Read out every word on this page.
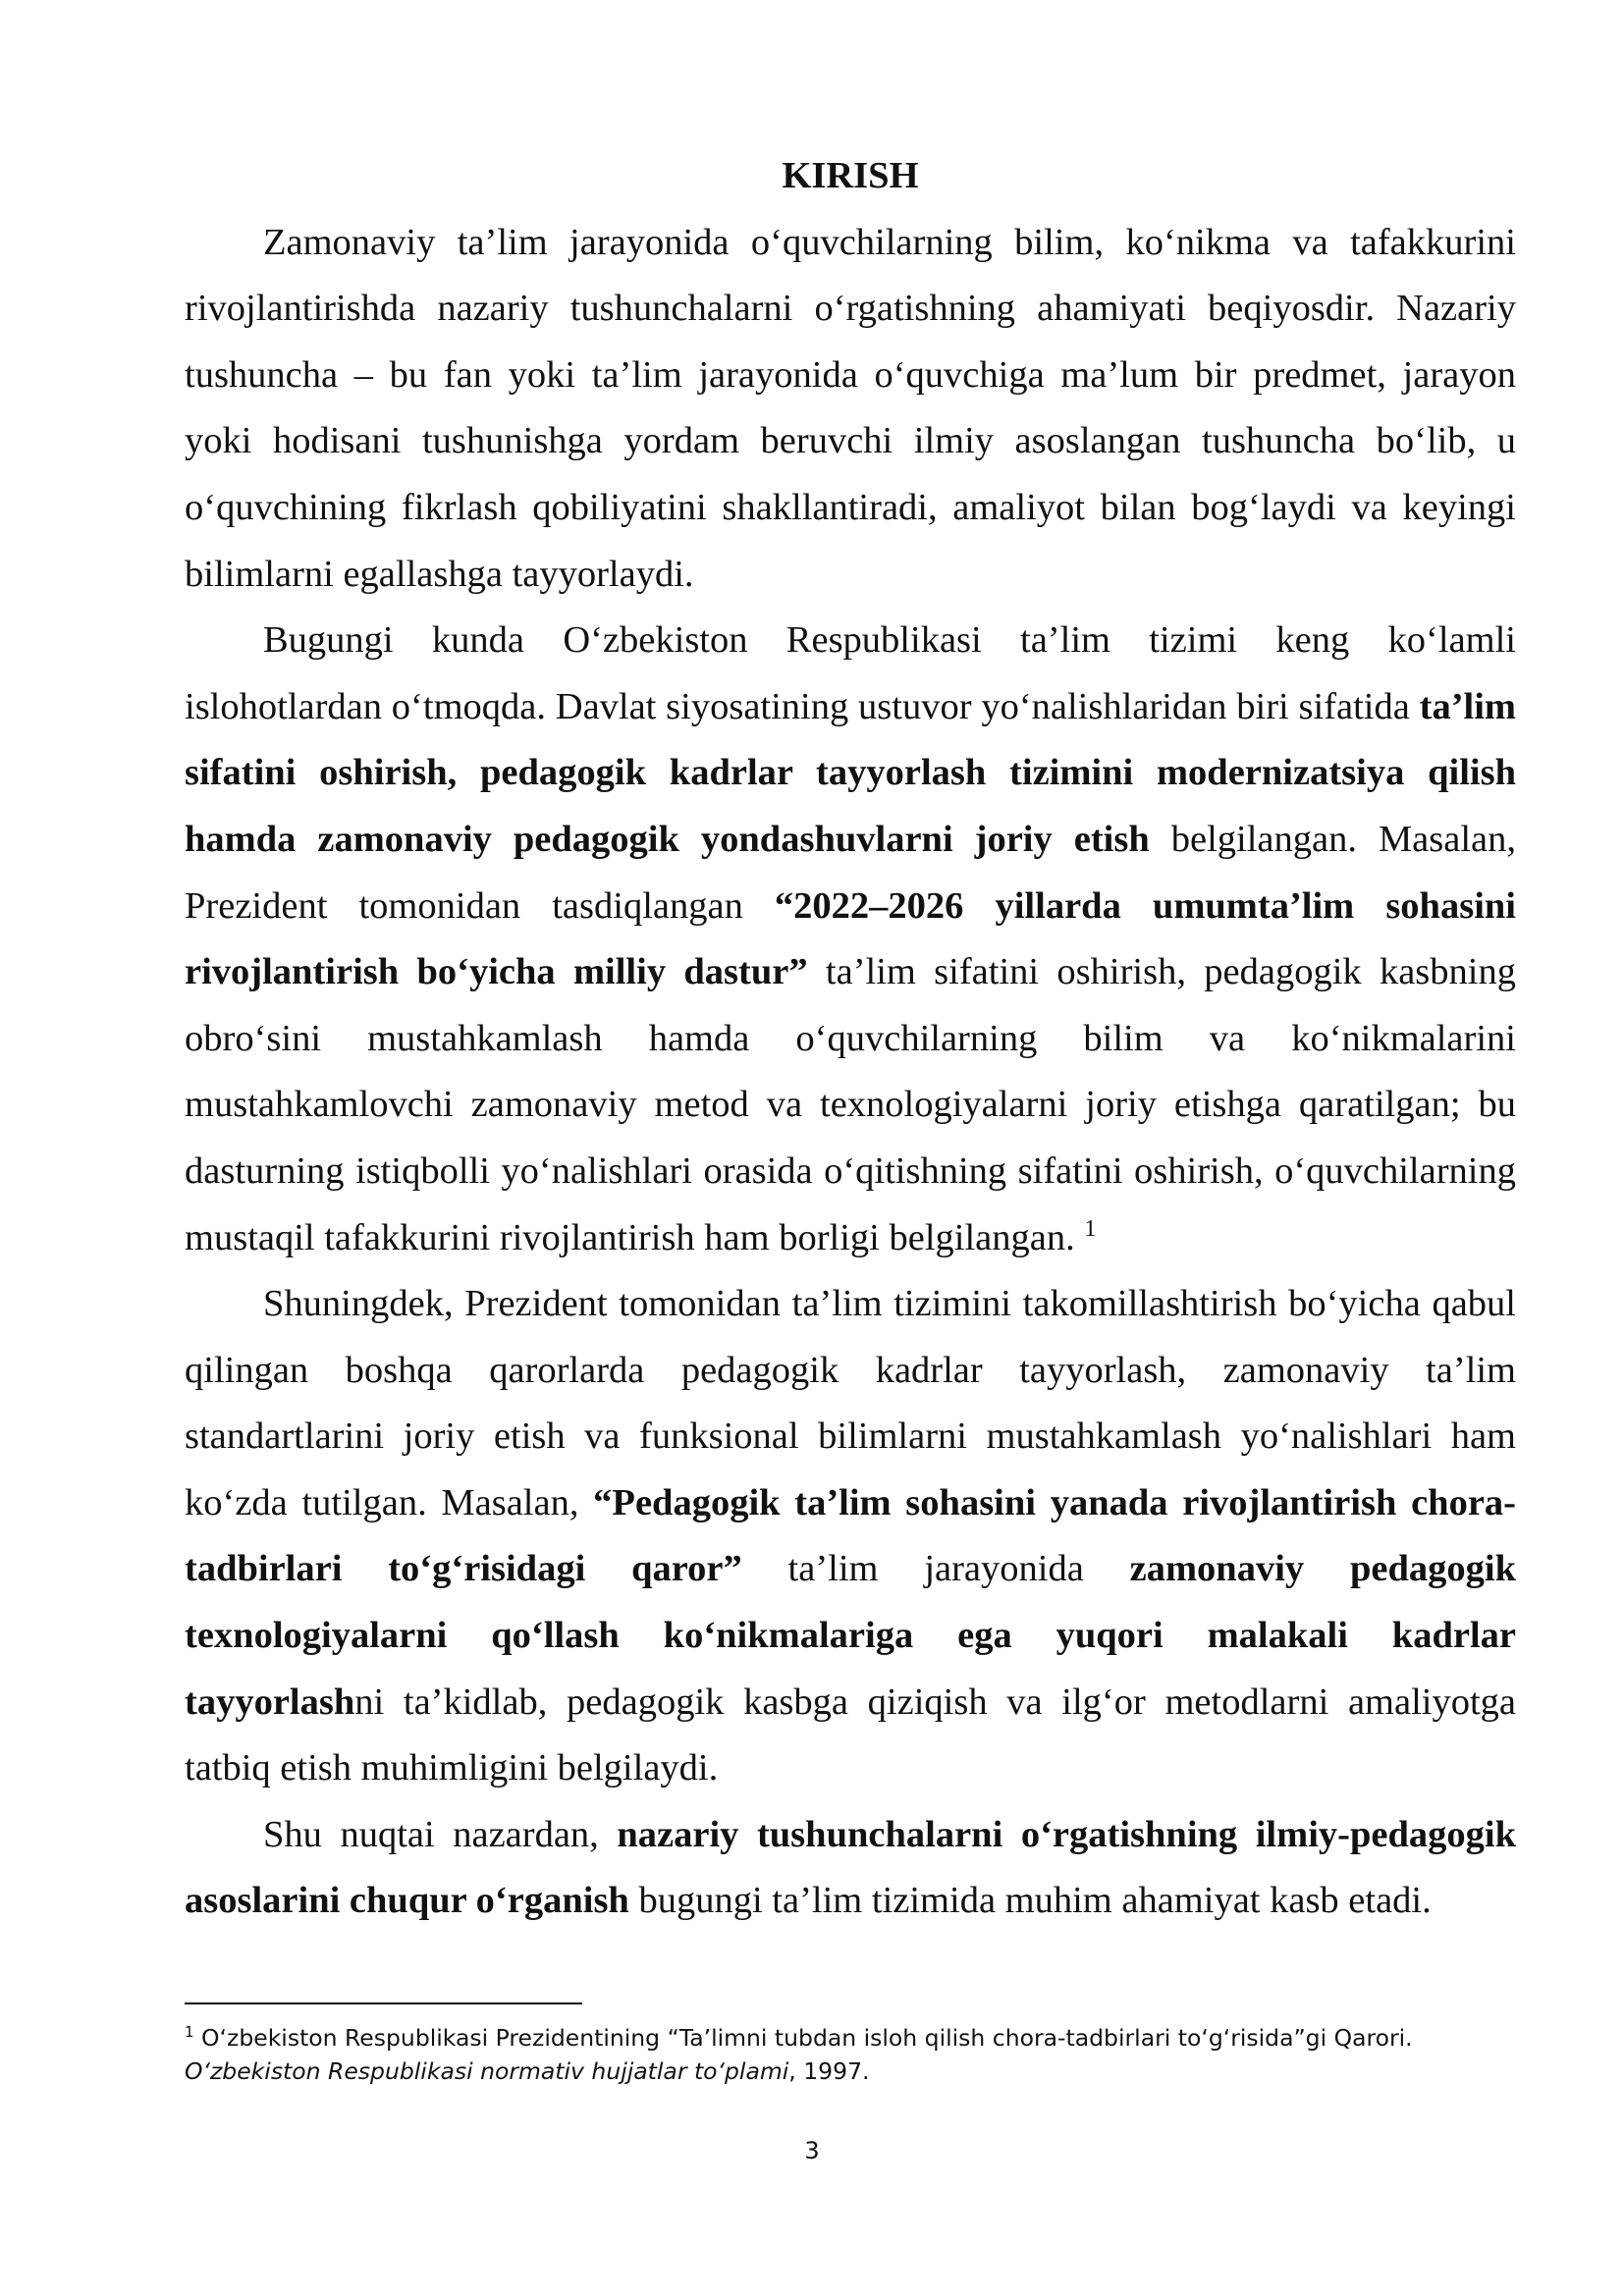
KIRISH

Zamonaviy ta’lim jarayonida o‘quvchilarning bilim, ko‘nikma va tafakkurini rivojlantirishda nazariy tushunchalarni o‘rgatishning ahamiyati beqiyosdir. Nazariy tushuncha – bu fan yoki ta’lim jarayonida o‘quvchiga ma’lum bir predmet, jarayon yoki hodisani tushunishga yordam beruvchi ilmiy asoslangan tushuncha bo‘lib, u o‘quvchining fikrlash qobiliyatini shakllantiradi, amaliyot bilan bog‘laydi va keyingi bilimlarni egallashga tayyorlaydi.

Bugungi kunda O‘zbekiston Respublikasi ta’lim tizimi keng ko‘lamli islohotlardan o‘tmoqda. Davlat siyosatining ustuvor yo‘nalishlaridan biri sifatida ta’lim sifatini oshirish, pedagogik kadrlar tayyorlash tizimini modernizatsiya qilish hamda zamonaviy pedagogik yondashuvlarni joriy etish belgilangan. Masalan, Prezident tomonidan tasdiqlangan “2022–2026 yillarda umumta’lim sohasini rivojlantirish bo‘yicha milliy dastur” ta’lim sifatini oshirish, pedagogik kasbning obro‘sini mustahkamlash hamda o‘quvchilarning bilim va ko‘nikmalarini mustahkamlovchi zamonaviy metod va texnologiyalarni joriy etishga qaratilgan; bu dasturning istiqbolli yo‘nalishlari orasida o‘qitishning sifatini oshirish, o‘quvchilarning mustaqil tafakkurini rivojlantirish ham borligi belgilangan. $^1$

Shuningdek, Prezident tomonidan ta’lim tizimini takomillashtirish bo‘yicha qabul qilingan boshqa qarorlarda pedagogik kadrlar tayyorlash, zamonaviy ta’lim standartlarini joriy etish va funksional bilimlarni mustahkamlash yo‘nalishlari ham ko‘zda tutilgan. Masalan, “Pedagogik ta’lim sohasini yanada rivojlantirish chora-tadbirlari to‘g‘risidagi qaror” ta’lim jarayonida zamonaviy pedagogik texnologiyalarni qo‘llash ko‘nikmalariga ega yuqori malakali kadrlar tayyorlashni ta’kidlab, pedagogik kasbga qiziqish va ilg‘or metodlarni amaliyotga tatbiq etish muhimligini belgilaydi.

Shu nuqtai nazardan, nazariy tushunchalarni o‘rgatishning ilmiy-pedagogik asoslarini chuqur o‘rganish bugungi ta’lim tizimida muhim ahamiyat kasb etadi.

$^1$ O‘zbekiston Respublikasi Prezidentining “Ta’limni tubdan isloh qilish chora-tadbirlari to‘g‘risida”gi Qarori. O‘zbekiston Respublikasi normativ hujjatlar to‘plami, 1997.

3
